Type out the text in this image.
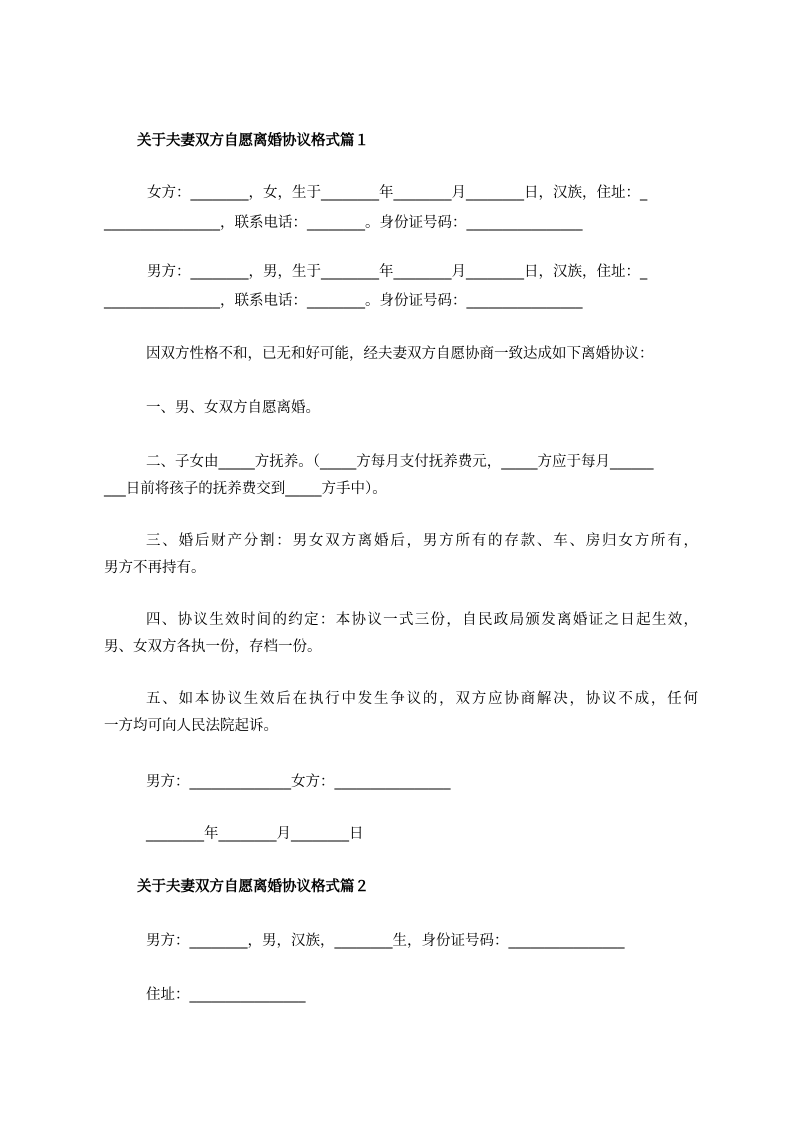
关于夫妻双方自愿离婚协议格式篇１

女方：________，女，生于________年________月________日，汉族，住址：_

________________，联系电话：________。身份证号码：________________

男方：________，男，生于________年________月________日，汉族，住址：_

________________，联系电话：________。身份证号码：________________

因双方性格不和，已无和好可能，经夫妻双方自愿协商一致达成如下离婚协议：

一、男、女双方自愿离婚。

二、子女由_____方抚养。（_____方每月支付抚养费元，_____方应于每月______

___日前将孩子的抚养费交到_____方手中）。

三、婚后财产分割：男女双方离婚后，男方所有的存款、车、房归女方所有，

男方不再持有。

四、协议生效时间的约定：本协议一式三份，自民政局颁发离婚证之日起生效，

男、女双方各执一份，存档一份。

五、如本协议生效后在执行中发生争议的，双方应协商解决，协议不成，任何

一方均可向人民法院起诉。

男方：______________女方：________________

________年________月________日

关于夫妻双方自愿离婚协议格式篇２

男方：________，男，汉族，________生，身份证号码：________________

住址：________________
